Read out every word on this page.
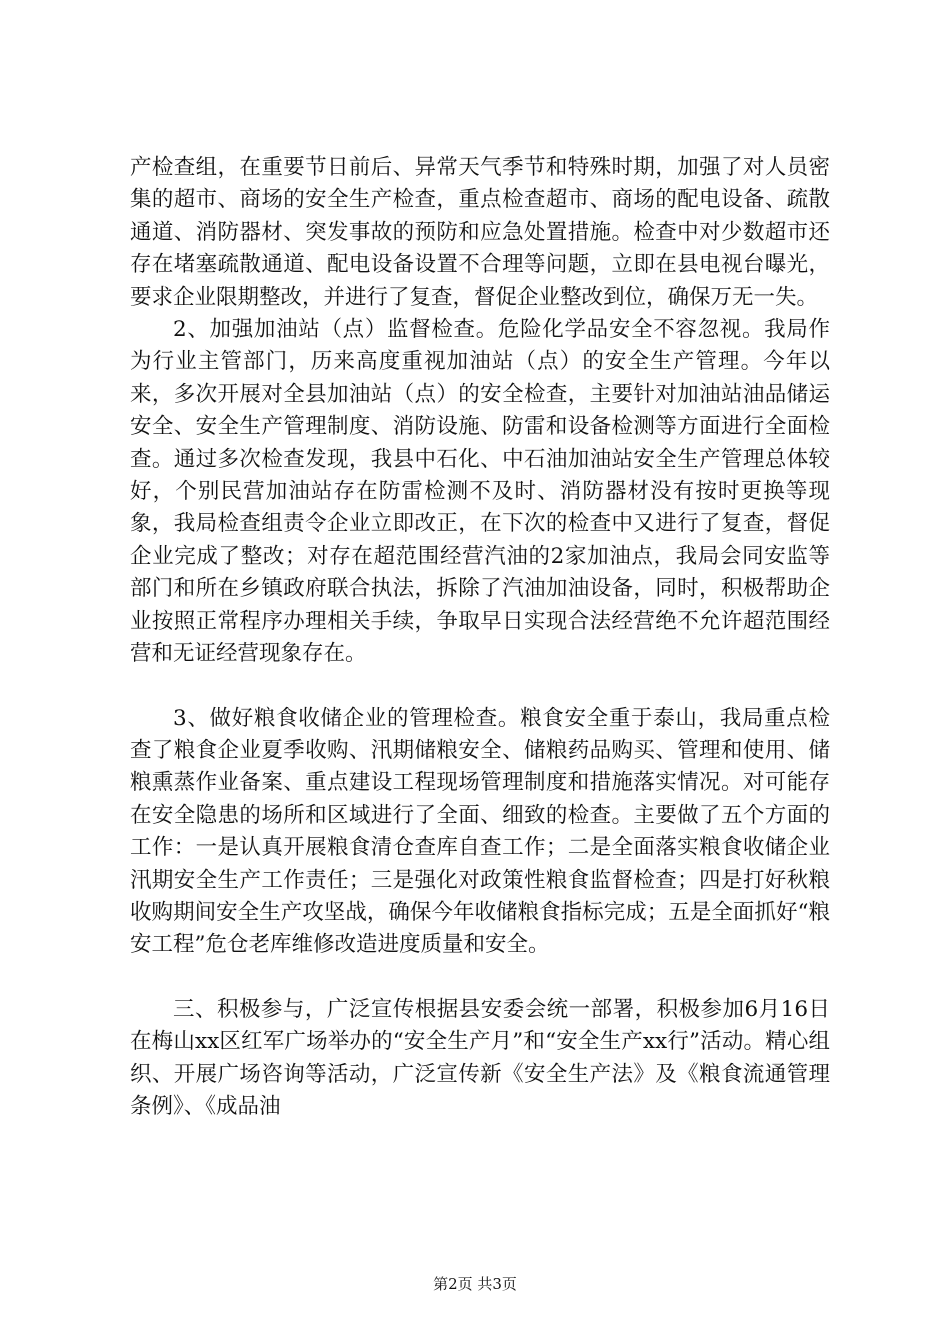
产检查组，在重要节日前后、异常天气季节和特殊时期，加强了对人员密集的超市、商场的安全生产检查，重点检查超市、商场的配电设备、疏散通道、消防器材、突发事故的预防和应急处置措施。检查中对少数超市还存在堵塞疏散通道、配电设备设置不合理等问题，立即在县电视台曝光，要求企业限期整改，并进行了复查，督促企业整改到位，确保万无一失。

2、加强加油站（点）监督检查。危险化学品安全不容忽视。我局作为行业主管部门，历来高度重视加油站（点）的安全生产管理。今年以来，多次开展对全县加油站（点）的安全检查，主要针对加油站油品储运安全、安全生产管理制度、消防设施、防雷和设备检测等方面进行全面检查。通过多次检查发现，我县中石化、中石油加油站安全生产管理总体较好，个别民营加油站存在防雷检测不及时、消防器材没有按时更换等现象，我局检查组责令企业立即改正，在下次的检查中又进行了复查，督促企业完成了整改；对存在超范围经营汽油的2家加油点，我局会同安监等部门和所在乡镇政府联合执法，拆除了汽油加油设备，同时，积极帮助企业按照正常程序办理相关手续，争取早日实现合法经营绝不允许超范围经营和无证经营现象存在。

3、做好粮食收储企业的管理检查。粮食安全重于泰山，我局重点检查了粮食企业夏季收购、汛期储粮安全、储粮药品购买、管理和使用、储粮熏蒸作业备案、重点建设工程现场管理制度和措施落实情况。对可能存在安全隐患的场所和区域进行了全面、细致的检查。主要做了五个方面的工作：一是认真开展粮食清仓查库自查工作；二是全面落实粮食收储企业汛期安全生产工作责任；三是强化对政策性粮食监督检查；四是打好秋粮收购期间安全生产攻坚战，确保今年收储粮食指标完成；五是全面抓好“粮安工程”危仓老库维修改造进度质量和安全。

三、积极参与，广泛宣传根据县安委会统一部署，积极参加6月16日在梅山xx区红军广场举办的“安全生产月”和“安全生产xx行”活动。精心组织、开展广场咨询等活动，广泛宣传新《安全生产法》及《粮食流通管理条例》、《成品油

第2页 共3页
